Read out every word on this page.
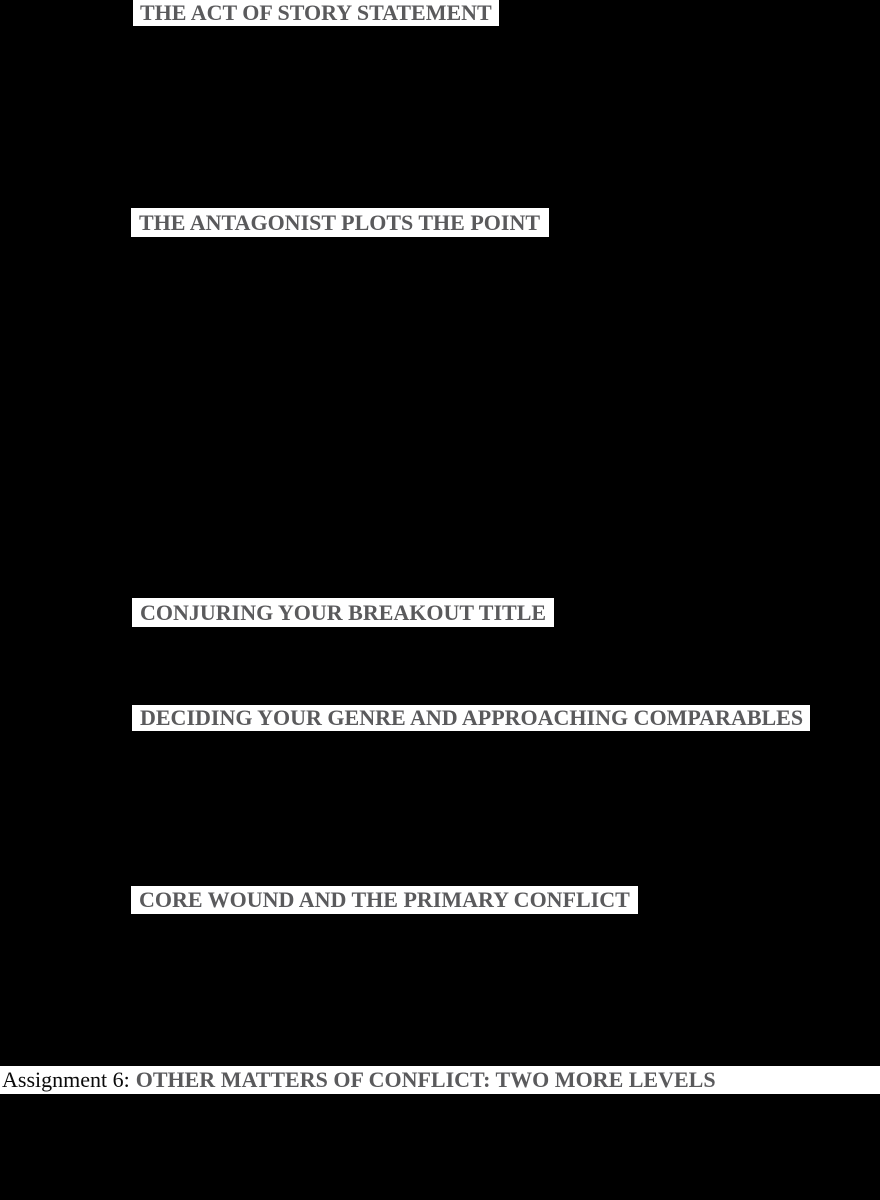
THE ACT OF STORY STATEMENT
THE ANTAGONIST PLOTS THE POINT
CONJURING YOUR BREAKOUT TITLE
DECIDING YOUR GENRE AND APPROACHING COMPARABLES
CORE WOUND AND THE PRIMARY CONFLICT
Assignment 6: OTHER MATTERS OF CONFLICT: TWO MORE LEVELS
